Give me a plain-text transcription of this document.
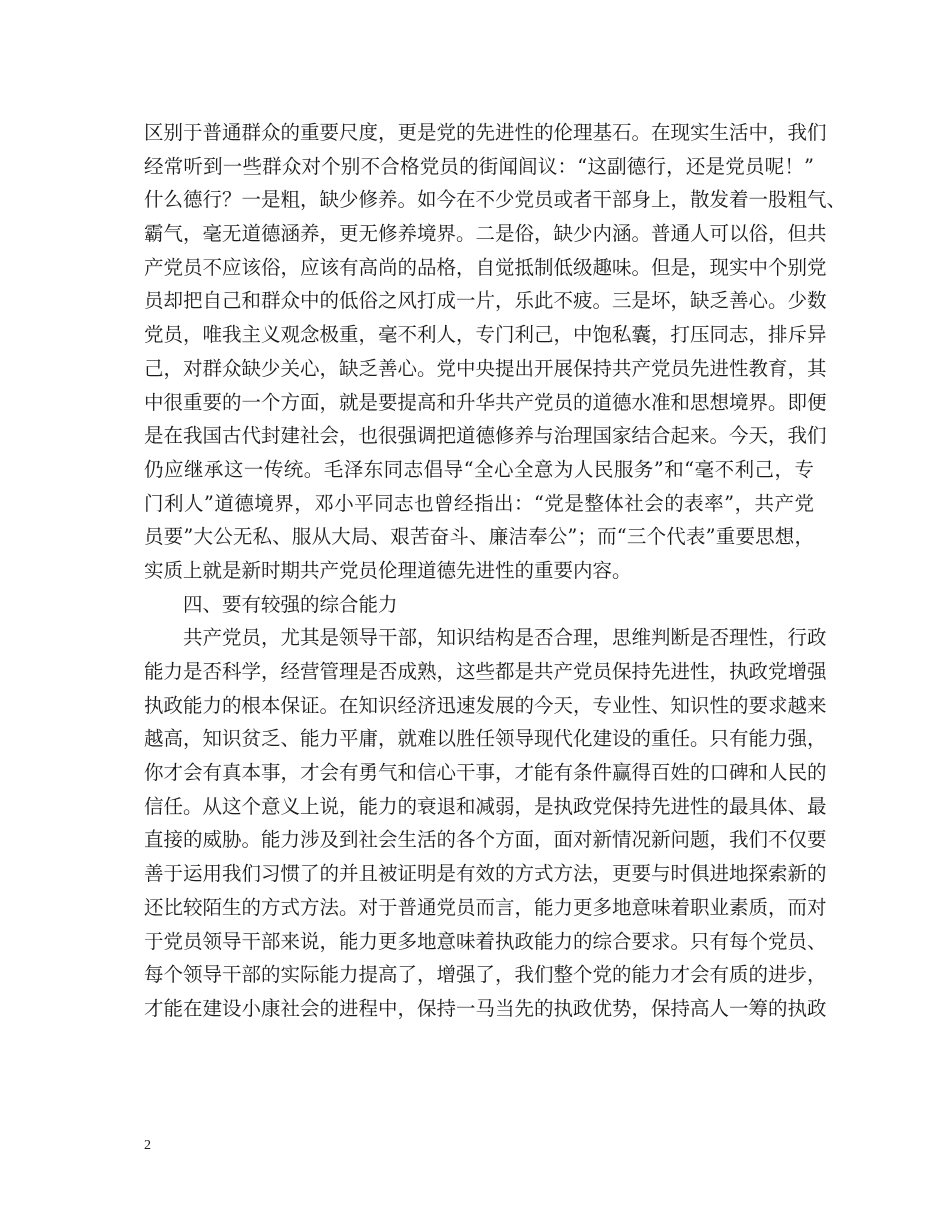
区别于普通群众的重要尺度，更是党的先进性的伦理基石。在现实生活中，我们
经常听到一些群众对个别不合格党员的街闻闾议：“这副德行，还是党员呢！”
什么德行？一是粗，缺少修养。如今在不少党员或者干部身上，散发着一股粗气、
霸气，毫无道德涵养，更无修养境界。二是俗，缺少内涵。普通人可以俗，但共
产党员不应该俗，应该有高尚的品格，自觉抵制低级趣味。但是，现实中个别党
员却把自己和群众中的低俗之风打成一片，乐此不疲。三是坏，缺乏善心。少数
党员，唯我主义观念极重，毫不利人，专门利己，中饱私囊，打压同志，排斥异
己，对群众缺少关心，缺乏善心。党中央提出开展保持共产党员先进性教育，其
中很重要的一个方面，就是要提高和升华共产党员的道德水准和思想境界。即便
是在我国古代封建社会，也很强调把道德修养与治理国家结合起来。今天，我们
仍应继承这一传统。毛泽东同志倡导“全心全意为人民服务”和“毫不利己，专
门利人”道德境界，邓小平同志也曾经指出：“党是整体社会的表率”，共产党
员要”大公无私、服从大局、艰苦奋斗、廉洁奉公”；而“三个代表”重要思想，
实质上就是新时期共产党员伦理道德先进性的重要内容。
四、要有较强的综合能力
共产党员，尤其是领导干部，知识结构是否合理，思维判断是否理性，行政
能力是否科学，经营管理是否成熟，这些都是共产党员保持先进性，执政党增强
执政能力的根本保证。在知识经济迅速发展的今天，专业性、知识性的要求越来
越高，知识贫乏、能力平庸，就难以胜任领导现代化建设的重任。只有能力强，
你才会有真本事，才会有勇气和信心干事，才能有条件赢得百姓的口碑和人民的
信任。从这个意义上说，能力的衰退和减弱，是执政党保持先进性的最具体、最
直接的威胁。能力涉及到社会生活的各个方面，面对新情况新问题，我们不仅要
善于运用我们习惯了的并且被证明是有效的方式方法，更要与时俱进地探索新的
还比较陌生的方式方法。对于普通党员而言，能力更多地意味着职业素质，而对
于党员领导干部来说，能力更多地意味着执政能力的综合要求。只有每个党员、
每个领导干部的实际能力提高了，增强了，我们整个党的能力才会有质的进步，
才能在建设小康社会的进程中，保持一马当先的执政优势，保持高人一筹的执政
2
